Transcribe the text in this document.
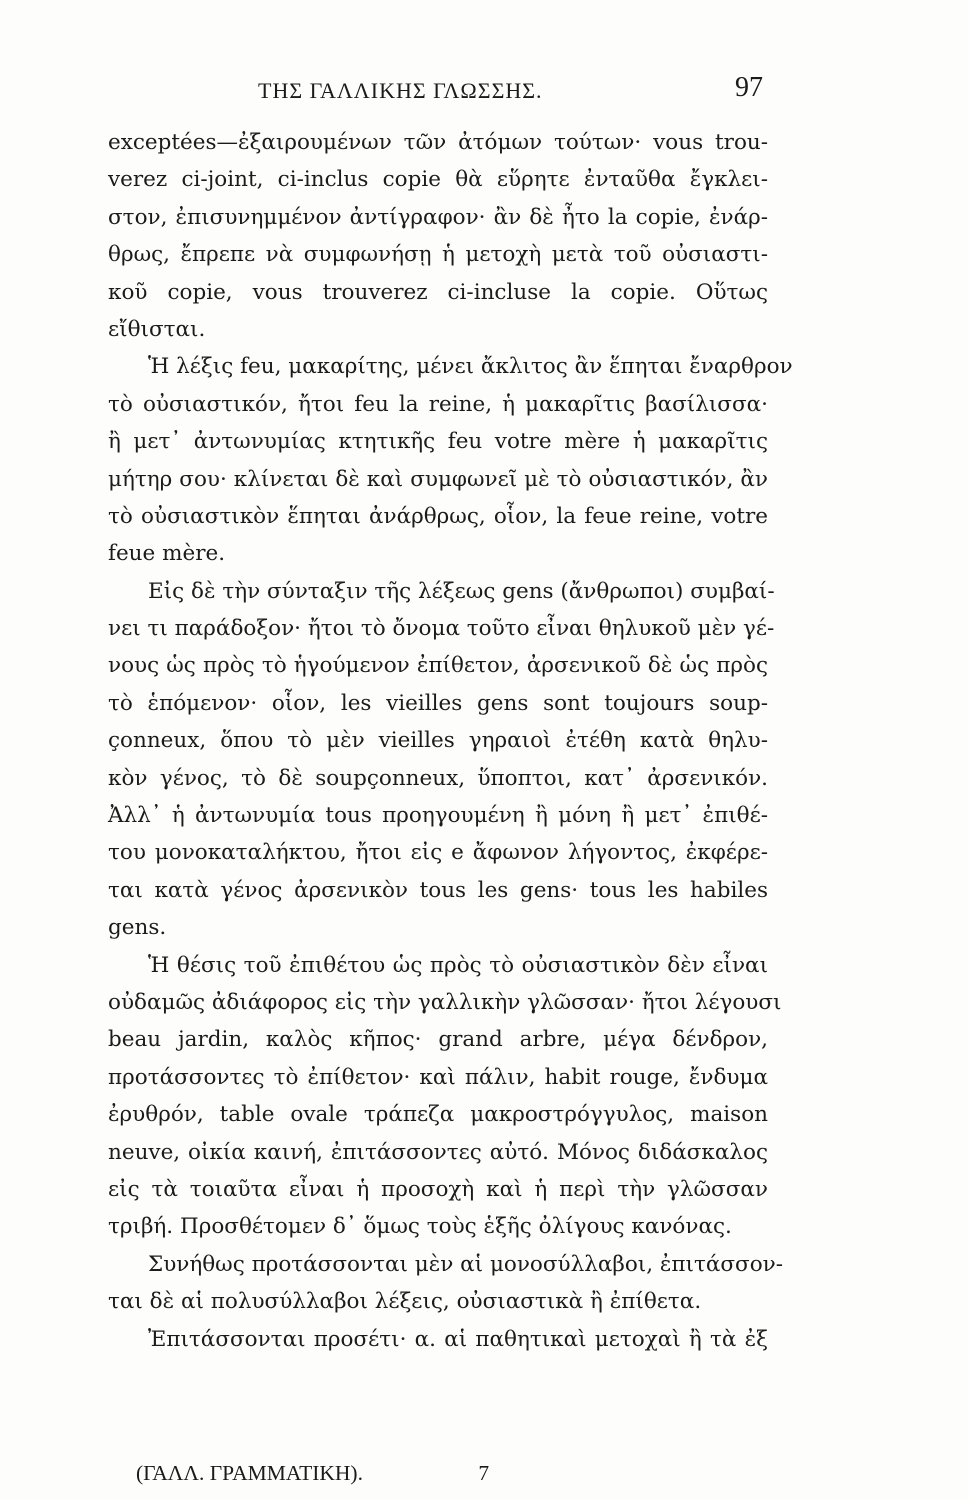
ΤΗΣ ΓΑΛΛΙΚΗΣ ΓΛΩΣΣΗΣ.	97
exceptées—ἐξαιρουμένων τῶν ἀτόμων τούτων· vous trou-
verez ci-joint, ci-inclus copie θὰ εὕρητε ἐνταῦθα ἔγκλει-
στον, ἐπισυνημμένον ἀντίγραφον· ἂν δὲ ἦτο la copie, ἐνάρ-
θρως, ἔπρεπε νὰ συμφωνήσῃ ἡ μετοχὴ μετὰ τοῦ οὐσιαστι-
κοῦ copie, vous trouverez ci-incluse la copie. Οὕτως
εἴθισται.
Ἡ λέξις feu, μακαρίτης, μένει ἄκλιτος ἂν ἕπηται ἔναρθρον
τὸ οὐσιαστικόν, ἤτοι feu la reine, ἡ μακαρῖτις βασίλισσα·
ἢ μετ᾽ ἀντωνυμίας κτητικῆς feu votre mère ἡ μακαρῖτις
μήτηρ σου· κλίνεται δὲ καὶ συμφωνεῖ μὲ τὸ οὐσιαστικόν, ἂν
τὸ οὐσιαστικὸν ἕπηται ἀνάρθρως, οἷον, la feue reine, votre
feue mère.
Εἰς δὲ τὴν σύνταξιν τῆς λέξεως gens (ἄνθρωποι) συμβαί-
νει τι παράδοξον· ἤτοι τὸ ὄνομα τοῦτο εἶναι θηλυκοῦ μὲν γέ-
νους ὡς πρὸς τὸ ἡγούμενον ἐπίθετον, ἀρσενικοῦ δὲ ὡς πρὸς
τὸ ἑπόμενον· οἷον, les vieilles gens sont toujours soup-
çonneux, ὅπου τὸ μὲν vieilles γηραιοὶ ἐτέθη κατὰ θηλυ-
κὸν γένος, τὸ δὲ soupçonneux, ὕποπτοι, κατ᾽ ἀρσενικόν.
Ἀλλ᾽ ἡ ἀντωνυμία tous προηγουμένη ἢ μόνη ἢ μετ᾽ ἐπιθέ-
του μονοκαταλήκτου, ἤτοι εἰς e ἄφωνον λήγοντος, ἐκφέρε-
ται κατὰ γένος ἀρσενικὸν tous les gens· tous les habiles
gens.
Ἡ θέσις τοῦ ἐπιθέτου ὡς πρὸς τὸ οὐσιαστικὸν δὲν εἶναι
οὐδαμῶς ἀδιάφορος εἰς τὴν γαλλικὴν γλῶσσαν· ἤτοι λέγουσι
beau jardin, καλὸς κῆπος· grand arbre, μέγα δένδρον,
προτάσσοντες τὸ ἐπίθετον· καὶ πάλιν, habit rouge, ἔνδυμα
ἐρυθρόν, table ovale τράπεζα μακροστρόγγυλος, maison
neuve, οἰκία καινή, ἐπιτάσσοντες αὐτό. Μόνος διδάσκαλος
εἰς τὰ τοιαῦτα εἶναι ἡ προσοχὴ καὶ ἡ περὶ τὴν γλῶσσαν
τριβή. Προσθέτομεν δ᾽ ὅμως τοὺς ἑξῆς ὀλίγους κανόνας.
Συνήθως προτάσσονται μὲν αἱ μονοσύλλαβοι, ἐπιτάσσον-
ται δὲ αἱ πολυσύλλαβοι λέξεις, οὐσιαστικὰ ἢ ἐπίθετα.
Ἐπιτάσσονται προσέτι· α. αἱ παθητικαὶ μετοχαὶ ἢ τὰ ἐξ
(ΓΑΛΛ. ΓΡΑΜΜΑΤΙΚΗ).	7
